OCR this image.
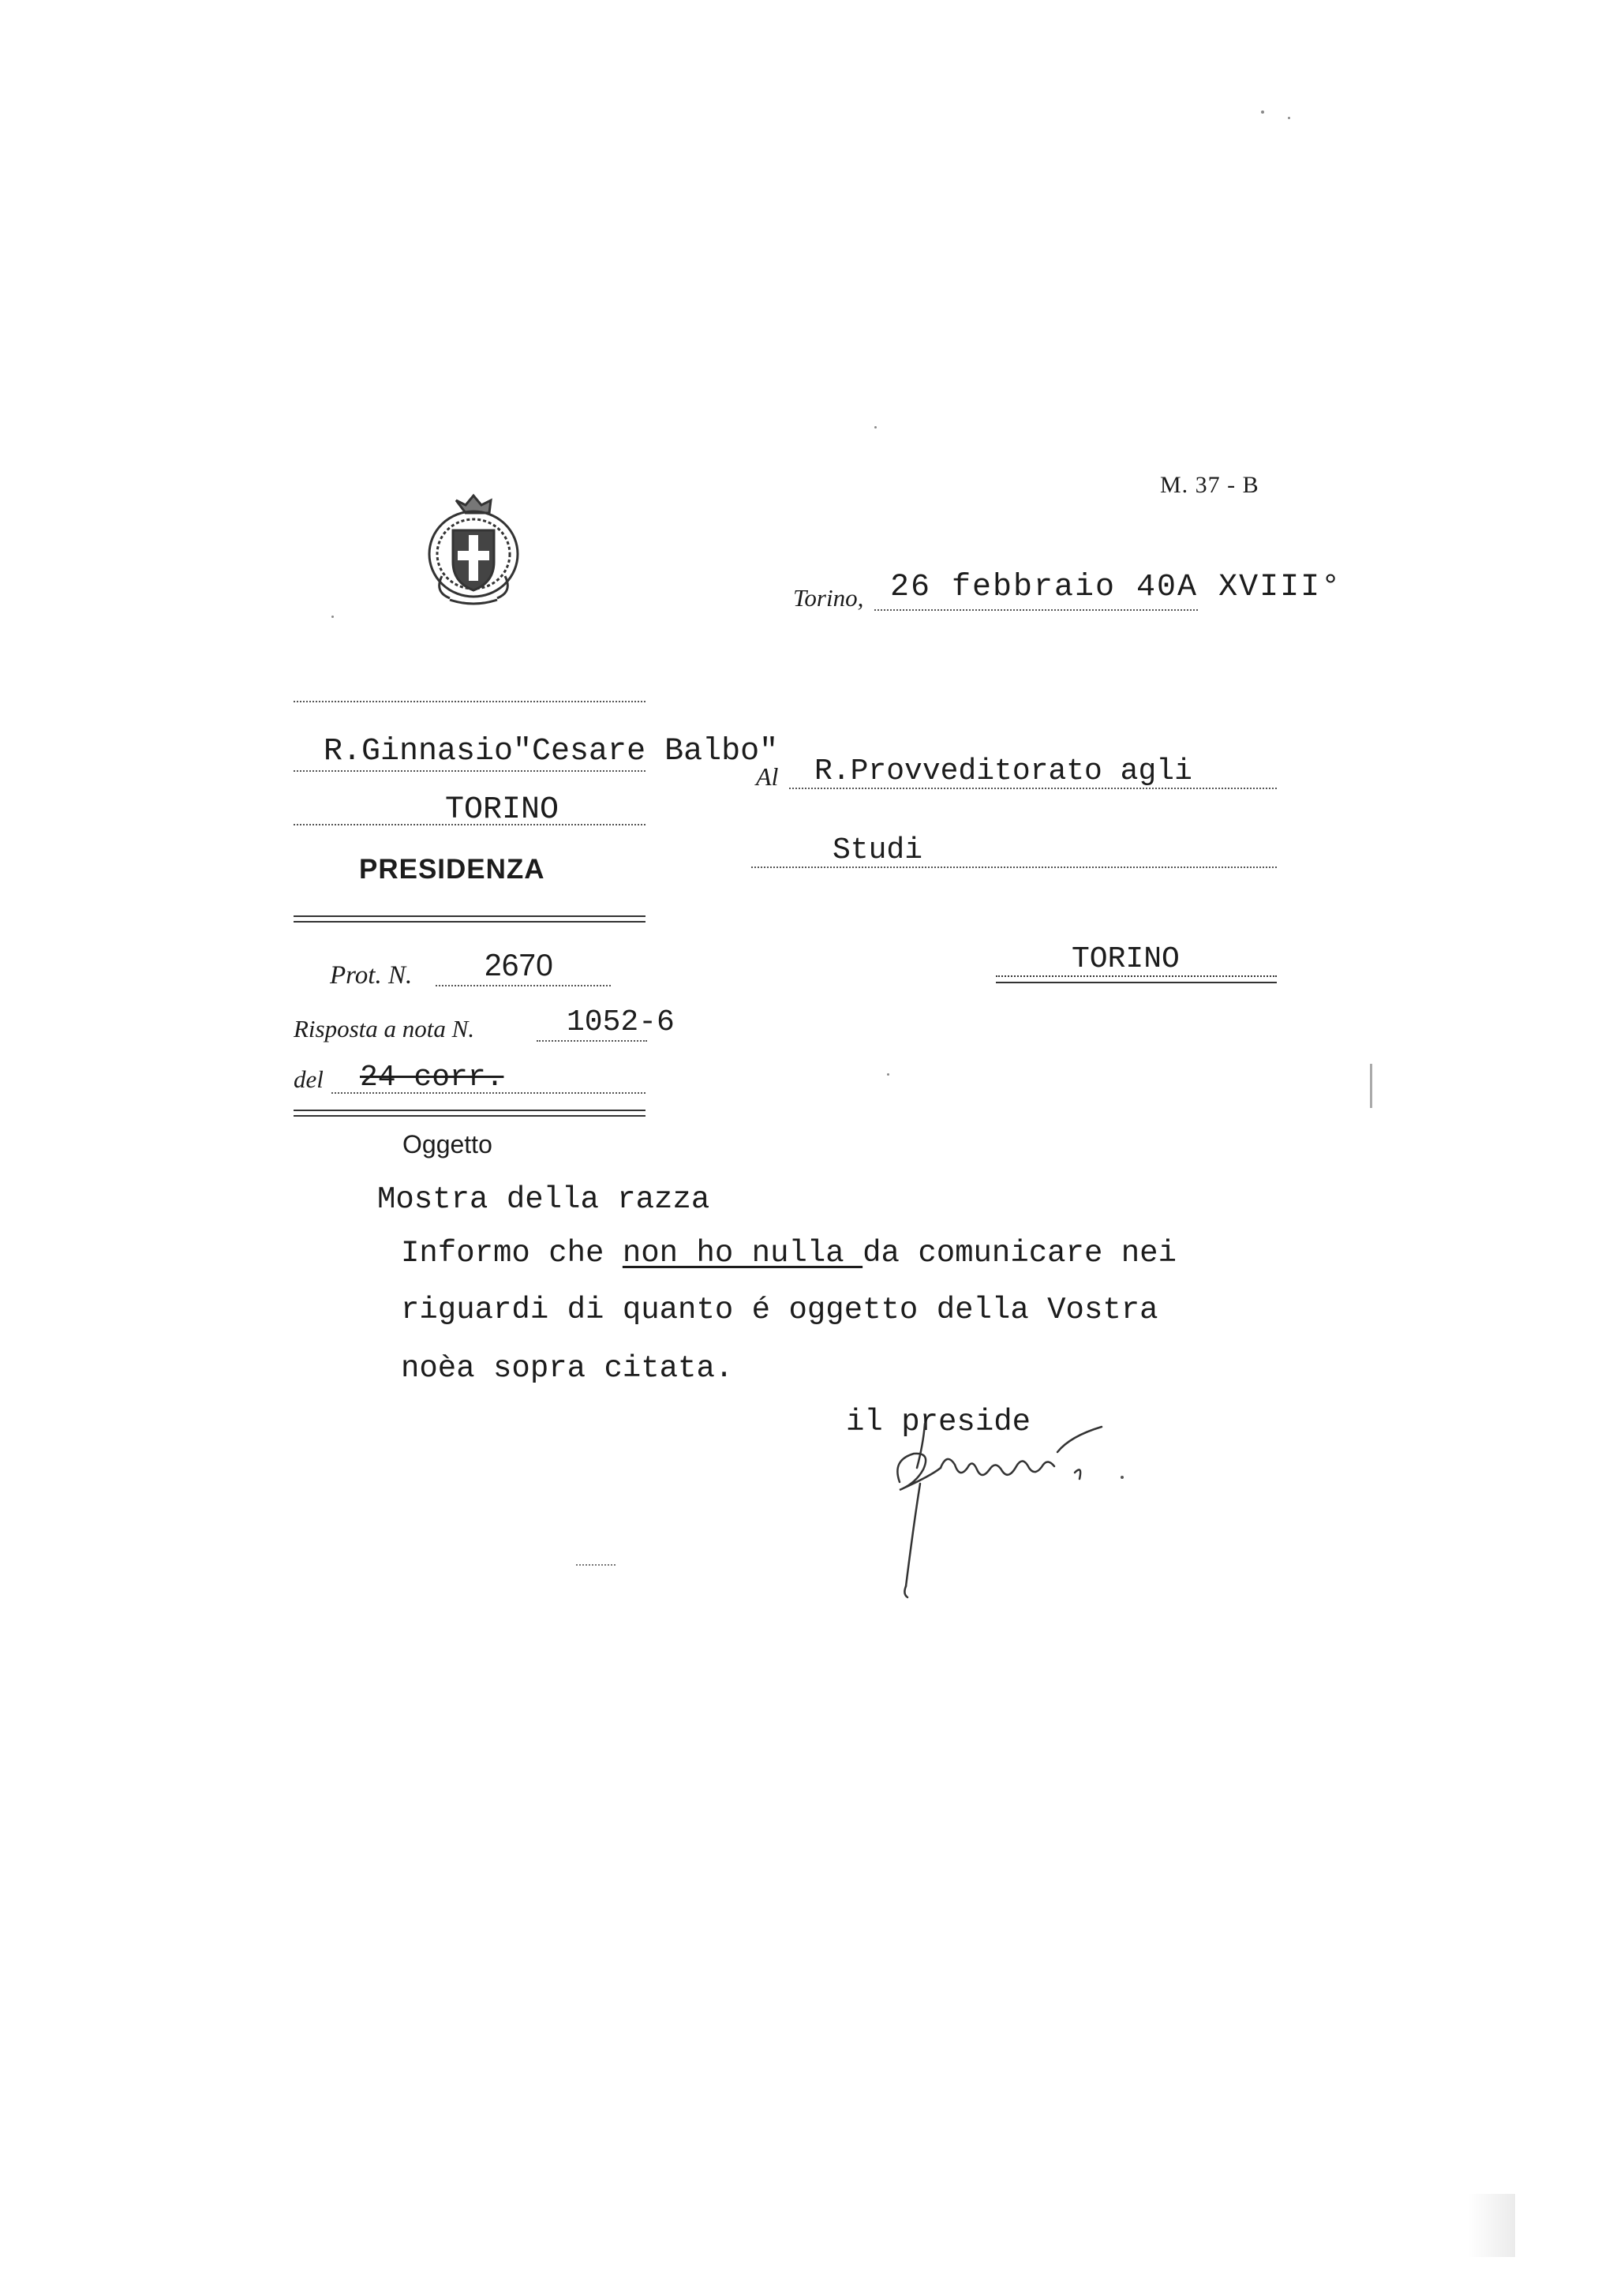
M. 37 - B
Torino, 26 febbraio 40A XVIII°
R.Ginnasio"Cesare Balbo"
TORINO
PRESIDENZA
Al R.Provveditorato agli
Studi
TORINO
Prot. N. 2670
Risposta a nota N.	1052-6
del 24 corr.
Oggetto
Mostra della razza
Informo che non ho nulla da comunicare nei
riguardi di quanto é oggetto della Vostra
noèa sopra citata.
il preside
